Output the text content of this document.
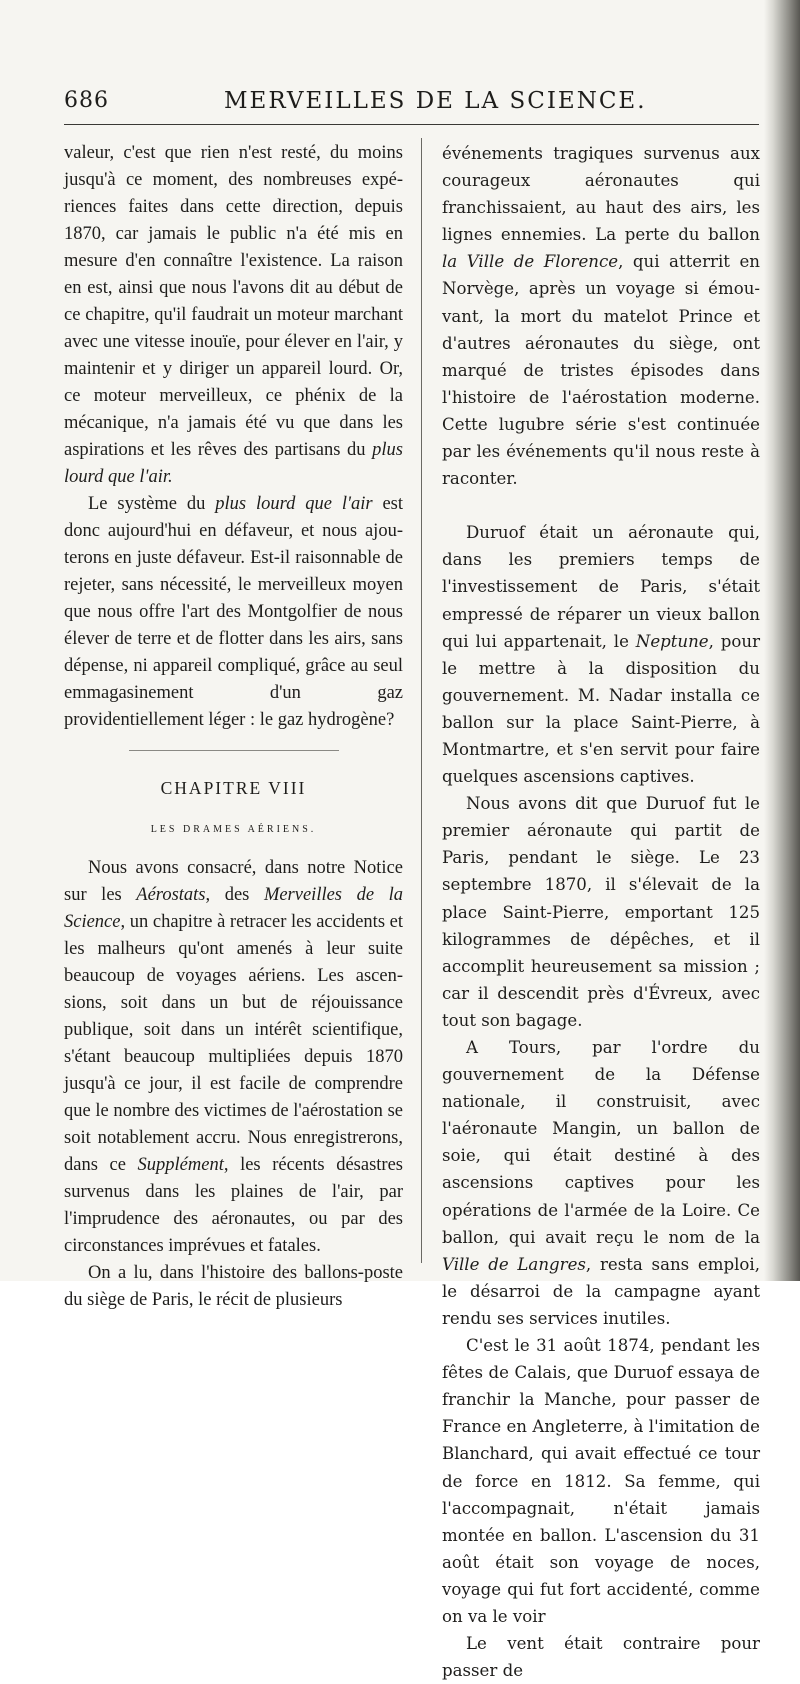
686	MERVEILLES DE LA SCIENCE.

valeur, c'est que rien n'est resté, du moins jusqu'à ce moment, des nombreuses expériences faites dans cette direction, depuis 1870, car jamais le public n'a été mis en mesure d'en connaître l'existence. La raison en est, ainsi que nous l'avons dit au début de ce chapitre, qu'il faudrait un moteur marchant avec une vitesse inouïe, pour élever en l'air, y maintenir et y diriger un appareil lourd. Or, ce moteur merveilleux, ce phénix de la mécanique, n'a jamais été vu que dans les aspirations et les rêves des partisans du plus lourd que l'air.

Le système du plus lourd que l'air est donc aujourd'hui en défaveur, et nous ajouterons en juste défaveur. Est-il raisonnable de rejeter, sans nécessité, le merveilleux moyen que nous offre l'art des Montgolfier de nous élever de terre et de flotter dans les airs, sans dépense, ni appareil compliqué, grâce au seul emmagasinement d'un gaz providentiellement léger : le gaz hydrogène?

CHAPITRE VIII
LES DRAMES AÉRIENS.

Nous avons consacré, dans notre Notice sur les Aérostats, des Merveilles de la Science, un chapitre à retracer les accidents et les malheurs qu'ont amenés à leur suite beaucoup de voyages aériens. Les ascensions, soit dans un but de réjouissance publique, soit dans un intérêt scientifique, s'étant beaucoup multipliées depuis 1870 jusqu'à ce jour, il est facile de comprendre que le nombre des victimes de l'aérostation se soit notablement accru. Nous enregistrerons, dans ce Supplément, les récents désastres survenus dans les plaines de l'air, par l'imprudence des aéronautes, ou par des circonstances imprévues et fatales.

On a lu, dans l'histoire des ballons-poste du siège de Paris, le récit de plusieurs

événements tragiques survenus aux courageux aéronautes qui franchissaient, au haut des airs, les lignes ennemies. La perte du ballon la Ville de Florence, qui atterrit en Norvège, après un voyage si émouvant, la mort du matelot Prince et d'autres aéronautes du siège, ont marqué de tristes épisodes dans l'histoire de l'aérostation moderne. Cette lugubre série s'est continuée par les événements qu'il nous reste à raconter.

Duruof était un aéronaute qui, dans les premiers temps de l'investissement de Paris, s'était empressé de réparer un vieux ballon qui lui appartenait, le Neptune, pour le mettre à la disposition du gouvernement. M. Nadar installa ce ballon sur la place Saint-Pierre, à Montmartre, et s'en servit pour faire quelques ascensions captives.

Nous avons dit que Duruof fut le premier aéronaute qui partit de Paris, pendant le siège. Le 23 septembre 1870, il s'élevait de la place Saint-Pierre, emportant 125 kilogrammes de dépêches, et il accomplit heureusement sa mission ; car il descendit près d'Évreux, avec tout son bagage.

A Tours, par l'ordre du gouvernement de la Défense nationale, il construisit, avec l'aéronaute Mangin, un ballon de soie, qui était destiné à des ascensions captives pour les opérations de l'armée de la Loire. Ce ballon, qui avait reçu le nom de la Ville de Langres, resta sans emploi, le désarroi de la campagne ayant rendu ses services inutiles.

C'est le 31 août 1874, pendant les fêtes de Calais, que Duruof essaya de franchir la Manche, pour passer de France en Angleterre, à l'imitation de Blanchard, qui avait effectué ce tour de force en 1812. Sa femme, qui l'accompagnait, n'était jamais montée en ballon. L'ascension du 31 août était son voyage de noces, voyage qui fut fort accidenté, comme on va le voir

Le vent était contraire pour passer de
